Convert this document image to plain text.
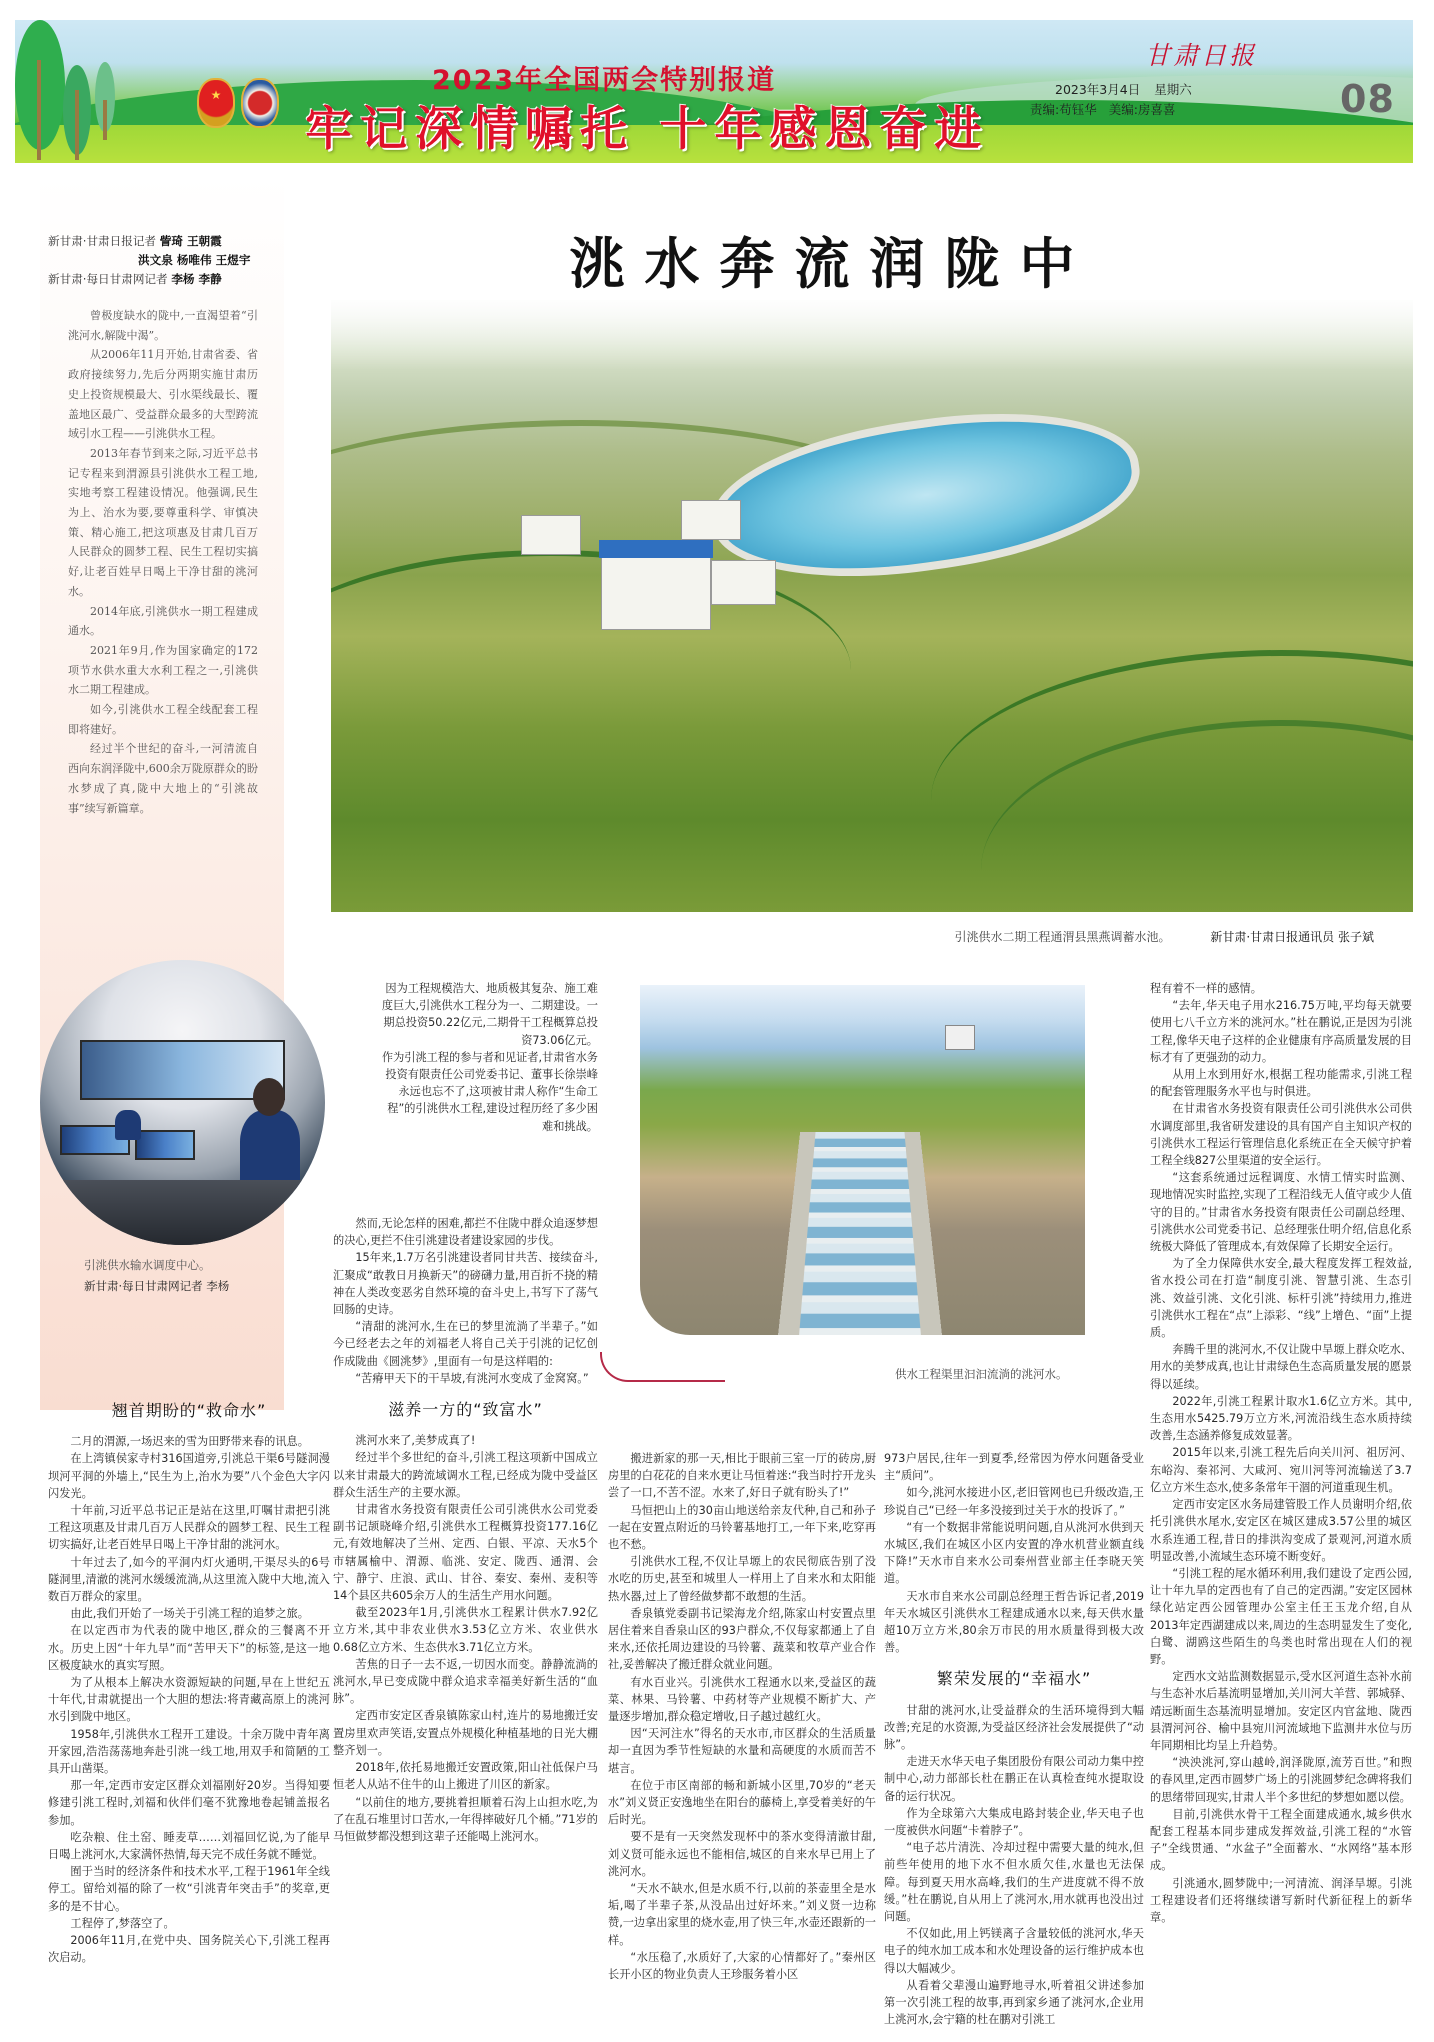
★	2023年全国两会特别报道
牢记深情嘱托 十年感恩奋进
甘肃日报
2023年3月4日 星期六
责编:苟钰华 美编:房喜喜	08
新甘肃·甘肃日报记者 訾琦 王朝霞
洪文泉 杨唯伟 王煜宇
新甘肃·每日甘肃网记者 李杨 李静

曾极度缺水的陇中,一直渴望着“引洮河水,解陇中渴”。

从2006年11月开始,甘肃省委、省政府接续努力,先后分两期实施甘肃历史上投资规模最大、引水渠线最长、覆盖地区最广、受益群众最多的大型跨流域引水工程——引洮供水工程。

2013年春节到来之际,习近平总书记专程来到渭源县引洮供水工程工地,实地考察工程建设情况。他强调,民生为上、治水为要,要尊重科学、审慎决策、精心施工,把这项惠及甘肃几百万人民群众的圆梦工程、民生工程切实搞好,让老百姓早日喝上干净甘甜的洮河水。

2014年底,引洮供水一期工程建成通水。

2021年9月,作为国家确定的172项节水供水重大水利工程之一,引洮供水二期工程建成。

如今,引洮供水工程全线配套工程即将建好。

经过半个世纪的奋斗,一河清流自西向东润泽陇中,600余万陇原群众的盼水梦成了真,陇中大地上的“引洮故事”续写新篇章。

引洮供水输水调度中心。
新甘肃·每日甘肃网记者 李杨
洮水奔流润陇中
引洮供水二期工程通渭县黑燕调蓄水池。	新甘肃·甘肃日报通讯员 张子斌
供水工程渠里汩汩流淌的洮河水。

因为工程规模浩大、地质极其复杂、施工难度巨大,引洮供水工程分为一、二期建设。一期总投资50.22亿元,二期骨干工程概算总投资73.06亿元。

作为引洮工程的参与者和见证者,甘肃省水务投资有限责任公司党委书记、董事长徐崇峰永远也忘不了,这项被甘肃人称作“生命工程”的引洮供水工程,建设过程历经了多少困难和挑战。

翘首期盼的“救命水”

二月的渭源,一场迟来的雪为田野带来春的讯息。

在上湾镇侯家寺村316国道旁,引洮总干渠6号隧洞漫坝河平洞的外墙上,“民生为上,治水为要”八个金色大字闪闪发光。

十年前,习近平总书记正是站在这里,叮嘱甘肃把引洮工程这项惠及甘肃几百万人民群众的圆梦工程、民生工程切实搞好,让老百姓早日喝上干净甘甜的洮河水。

十年过去了,如今的平洞内灯火通明,干渠尽头的6号隧洞里,清澈的洮河水缓缓流淌,从这里流入陇中大地,流入数百万群众的家里。

由此,我们开始了一场关于引洮工程的追梦之旅。

在以定西市为代表的陇中地区,群众的三餐离不开水。历史上因“十年九旱”而“苦甲天下”的标签,是这一地区极度缺水的真实写照。

为了从根本上解决水资源短缺的问题,早在上世纪五十年代,甘肃就提出一个大胆的想法:将青藏高原上的洮河水引到陇中地区。

1958年,引洮供水工程开工建设。十余万陇中青年离开家园,浩浩荡荡地奔赴引洮一线工地,用双手和简陋的工具开山凿渠。

那一年,定西市安定区群众刘福刚好20岁。当得知要修建引洮工程时,刘福和伙伴们毫不犹豫地卷起铺盖报名参加。

吃杂粮、住土窑、睡麦草……刘福回忆说,为了能早日喝上洮河水,大家满怀热情,每天完不成任务就不睡觉。

囿于当时的经济条件和技术水平,工程于1961年全线停工。留给刘福的除了一枚“引洮青年突击手”的奖章,更多的是不甘心。

工程停了,梦落空了。

2006年11月,在党中央、国务院关心下,引洮工程再次启动。

然而,无论怎样的困难,都拦不住陇中群众追逐梦想的决心,更拦不住引洮建设者建设家园的步伐。

15年来,1.7万名引洮建设者同甘共苦、接续奋斗,汇聚成“敢教日月换新天”的磅礴力量,用百折不挠的精神在人类改变恶劣自然环境的奋斗史上,书写下了荡气回肠的史诗。

“清甜的洮河水,生在已的梦里流淌了半辈子。”如今已经老去之年的刘福老人将自己关于引洮的记忆创作成陇曲《圆洮梦》,里面有一句是这样唱的:

“苦瘠甲天下的干旱坡,有洮河水变成了金窝窝。”

滋养一方的“致富水”

洮河水来了,美梦成真了!

经过半个多世纪的奋斗,引洮工程这项新中国成立以来甘肃最大的跨流域调水工程,已经成为陇中受益区群众生活生产的主要水源。

甘肃省水务投资有限责任公司引洮供水公司党委副书记颉晓峰介绍,引洮供水工程概算投资177.16亿元,有效地解决了兰州、定西、白银、平凉、天水5个市辖属榆中、渭源、临洮、安定、陇西、通渭、会宁、静宁、庄浪、武山、甘谷、秦安、秦州、麦积等14个县区共605余万人的生活生产用水问题。

截至2023年1月,引洮供水工程累计供水7.92亿立方米,其中非农业供水3.53亿立方米、农业供水0.68亿立方米、生态供水3.71亿立方米。

苦焦的日子一去不返,一切因水而变。静静流淌的洮河水,早已变成陇中群众追求幸福美好新生活的“血脉”。

定西市安定区香泉镇陈家山村,连片的易地搬迁安置房里欢声笑语,安置点外规模化种植基地的日光大棚整齐划一。

2018年,依托易地搬迁安置政策,阳山社低保户马恒老人从站不住牛的山上搬进了川区的新家。

“以前住的地方,要挑着担顺着石沟上山担水吃,为了在乱石堆里讨口苦水,一年得摔破好几个桶。”71岁的马恒做梦都没想到这辈子还能喝上洮河水。

搬进新家的那一天,相比于眼前三室一厅的砖房,厨房里的白花花的自来水更让马恒着迷:“我当时拧开龙头尝了一口,不苦不涩。水来了,好日子就有盼头了!”

马恒把山上的30亩山地送给亲友代种,自己和孙子一起在安置点附近的马铃薯基地打工,一年下来,吃穿再也不愁。

引洮供水工程,不仅让旱塬上的农民彻底告别了没水吃的历史,甚至和城里人一样用上了自来水和太阳能热水器,过上了曾经做梦都不敢想的生活。

香泉镇党委副书记梁海龙介绍,陈家山村安置点里居住着来自香泉山区的93户群众,不仅每家都通上了自来水,还依托周边建设的马铃薯、蔬菜和牧草产业合作社,妥善解决了搬迁群众就业问题。

有水百业兴。引洮供水工程通水以来,受益区的蔬菜、林果、马铃薯、中药材等产业规模不断扩大、产量逐步增加,群众稳定增收,日子越过越红火。

因“天河注水”得名的天水市,市区群众的生活质量却一直因为季节性短缺的水量和高硬度的水质而苦不堪言。

在位于市区南部的畅和新城小区里,70岁的“老天水”刘义贤正安逸地坐在阳台的藤椅上,享受着美好的午后时光。

要不是有一天突然发现杯中的茶水变得清澈甘甜,刘义贤可能永远也不能相信,城区的自来水早已用上了洮河水。

“天水不缺水,但是水质不行,以前的茶壶里全是水垢,喝了半辈子茶,从没品出过好坏来。”刘义贤一边称赞,一边拿出家里的烧水壶,用了快三年,水壶还跟新的一样。

“水压稳了,水质好了,大家的心情都好了。”秦州区长开小区的物业负责人王珍服务着小区

973户居民,往年一到夏季,经常因为停水问题备受业主“质问”。

如今,洮河水接进小区,老旧管网也已升级改造,王珍说自己“已经一年多没接到过关于水的投诉了。”

“有一个数据非常能说明问题,自从洮河水供到天水城区,我们在城区小区内安置的净水机营业额直线下降!”天水市自来水公司秦州营业部主任李晓天笑道。

天水市自来水公司副总经理王哲告诉记者,2019年天水城区引洮供水工程建成通水以来,每天供水量超10万立方米,80余万市民的用水质量得到极大改善。

繁荣发展的“幸福水”

甘甜的洮河水,让受益群众的生活环境得到大幅改善;充足的水资源,为受益区经济社会发展提供了“动脉”。

走进天水华天电子集团股份有限公司动力集中控制中心,动力部部长杜在鹏正在认真检查纯水提取设备的运行状况。

作为全球第六大集成电路封装企业,华天电子也一度被供水问题“卡着脖子”。

“电子芯片清洗、冷却过程中需要大量的纯水,但前些年使用的地下水不但水质欠佳,水量也无法保障。每到夏天用水高峰,我们的生产进度就不得不放缓。”杜在鹏说,自从用上了洮河水,用水就再也没出过问题。

不仅如此,用上钙镁离子含量较低的洮河水,华天电子的纯水加工成本和水处理设备的运行维护成本也得以大幅减少。

从看着父辈漫山遍野地寻水,听着祖父讲述参加第一次引洮工程的故事,再到家乡通了洮河水,企业用上洮河水,会宁籍的杜在鹏对引洮工

程有着不一样的感情。

“去年,华天电子用水216.75万吨,平均每天就要使用七八千立方米的洮河水。”杜在鹏说,正是因为引洮工程,像华天电子这样的企业健康有序高质量发展的目标才有了更强劲的动力。

从用上水到用好水,根据工程功能需求,引洮工程的配套管理服务水平也与时俱进。

在甘肃省水务投资有限责任公司引洮供水公司供水调度部里,我省研发建设的具有国产自主知识产权的引洮供水工程运行管理信息化系统正在全天候守护着工程全线827公里渠道的安全运行。

“这套系统通过远程调度、水情工情实时监测、现地情况实时监控,实现了工程沿线无人值守或少人值守的目的。”甘肃省水务投资有限责任公司副总经理、引洮供水公司党委书记、总经理张仕明介绍,信息化系统极大降低了管理成本,有效保障了长期安全运行。

为了全力保障供水安全,最大程度发挥工程效益,省水投公司在打造“制度引洮、智慧引洮、生态引洮、效益引洮、文化引洮、标杆引洮”持续用力,推进引洮供水工程在“点”上添彩、“线”上增色、“面”上提质。

奔腾千里的洮河水,不仅让陇中旱塬上群众吃水、用水的美梦成真,也让甘肃绿色生态高质量发展的愿景得以延续。

2022年,引洮工程累计取水1.6亿立方米。其中,生态用水5425.79万立方米,河流沿线生态水质持续改善,生态涵养修复成效显著。

2015年以来,引洮工程先后向关川河、祖厉河、东峪沟、秦祁河、大咸河、宛川河等河流输送了3.7亿立方米生态水,使多条常年干涸的河道重现生机。

定西市安定区水务局建管股工作人员谢明介绍,依托引洮供水尾水,安定区在城区建成3.57公里的城区水系连通工程,昔日的排洪沟变成了景观河,河道水质明显改善,小流域生态环境不断变好。

“引洮工程的尾水循环利用,我们建设了定西公园,让十年九旱的定西也有了自己的定西湖。”安定区园林绿化站定西公园管理办公室主任王玉龙介绍,自从2013年定西湖建成以来,周边的生态明显发生了变化,白鹭、湖鸥这些陌生的鸟类也时常出现在人们的视野。

定西水文站监测数据显示,受水区河道生态补水前与生态补水后基流明显增加,关川河大羊营、郭城驿、靖远断面生态基流明显增加。安定区内官盆地、陇西县渭河河谷、榆中县宛川河流域地下监测井水位与历年同期相比均呈上升趋势。

“泱泱洮河,穿山越岭,润泽陇原,流芳百世。”和煦的春风里,定西市圆梦广场上的引洮圆梦纪念碑将我们的思绪带回现实,甘肃人半个多世纪的梦想如愿以偿。

目前,引洮供水骨干工程全面建成通水,城乡供水配套工程基本同步建成发挥效益,引洮工程的“水管子”全线贯通、“水盆子”全面蓄水、“水网络”基本形成。

引洮通水,圆梦陇中;一河清流、润泽旱塬。引洮工程建设者们还将继续谱写新时代新征程上的新华章。
